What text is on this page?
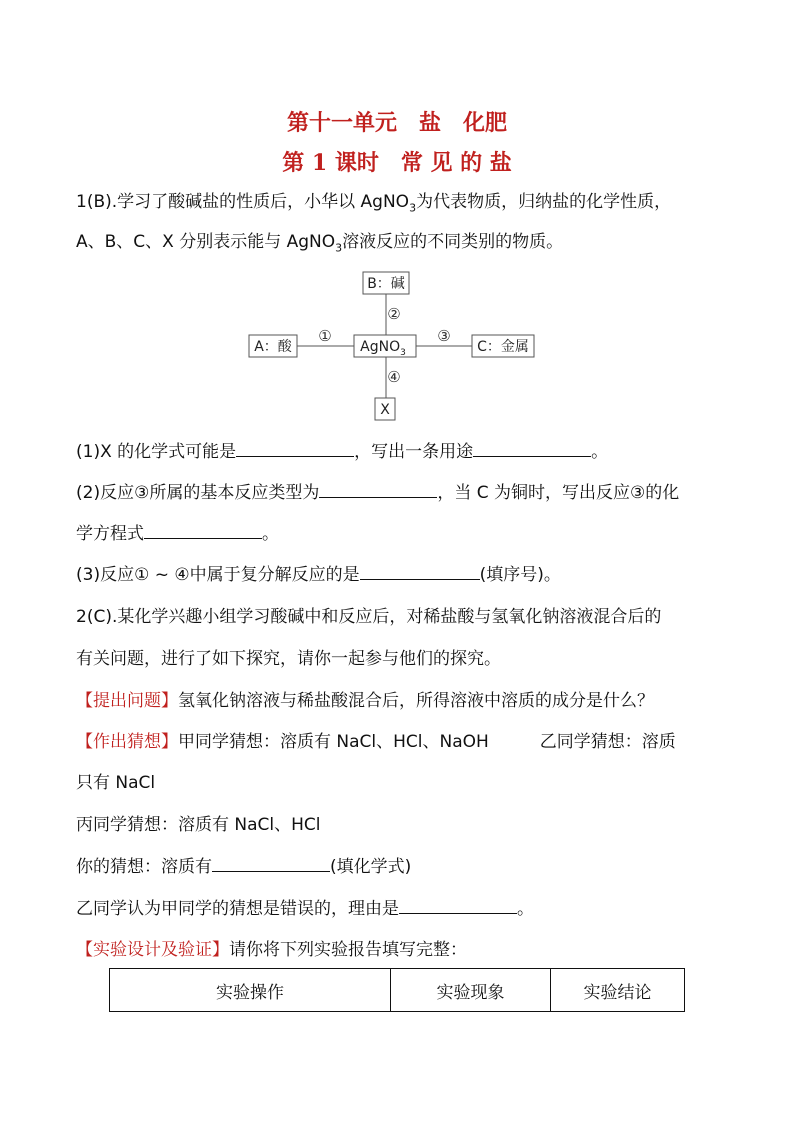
第十一单元　盐　化肥
第 1 课时　常 见 的 盐
1(B).学习了酸碱盐的性质后，小华以 AgNO$_3$为代表物质，归纳盐的化学性质，
A、B、C、X 分别表示能与 AgNO$_3$溶液反应的不同类别的物质。
B：碱
A：酸	AgNO$_3$	C：金属
X
①
②
③
④
(1)X 的化学式可能是	，写出一条用途	。
(2)反应③所属的基本反应类型为	，当 C 为铜时，写出反应③的化
学方程式	。
(3)反应① ~ ④中属于复分解反应的是	(填序号)。
2(C).某化学兴趣小组学习酸碱中和反应后，对稀盐酸与氢氧化钠溶液混合后的
有关问题，进行了如下探究，请你一起参与他们的探究。
【提出问题】氢氧化钠溶液与稀盐酸混合后，所得溶液中溶质的成分是什么？
【作出猜想】甲同学猜想：溶质有 NaCl、HCl、NaOH　　　乙同学猜想：溶质
只有 NaCl
丙同学猜想：溶质有 NaCl、HCl
你的猜想：溶质有	(填化学式)
乙同学认为甲同学的猜想是错误的，理由是	。
【实验设计及验证】请你将下列实验报告填写完整：
实验操作	实验现象	实验结论
